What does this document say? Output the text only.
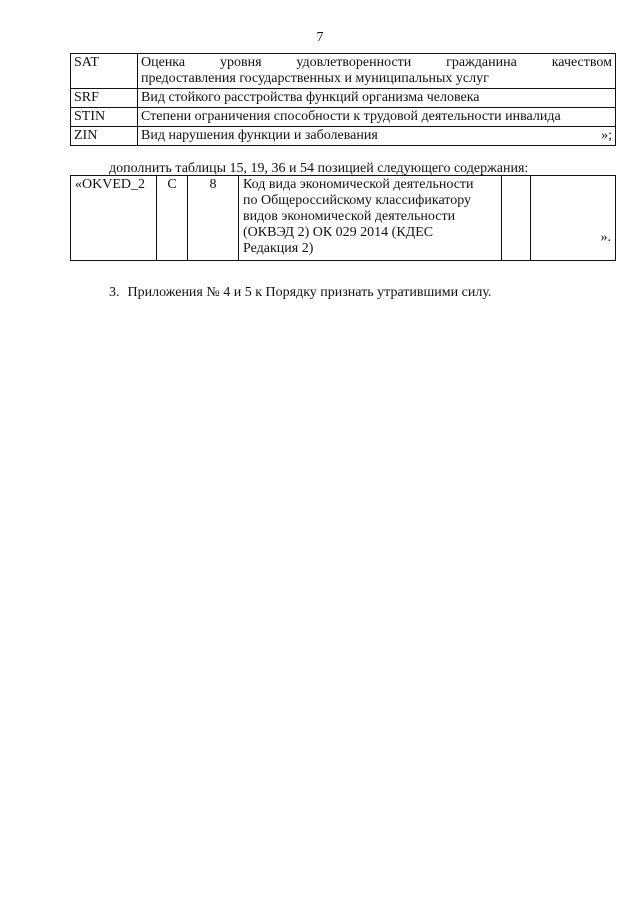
7
SAT	Оценка уровня удовлетворенности гражданина качеством
предоставления государственных и муниципальных услуг

SRF	Вид стойкого расстройства функций организма человека
STIN	Степени ограничения способности к трудовой деятельности инвалида
ZIN	Вид нарушения функции и заболевания »;
дополнить таблицы 15, 19, 36 и 54 позицией следующего содержания:
«OKVED_2	С	8	Код вида экономической деятельности
по Общероссийскому классификатору
видов экономической деятельности
(ОКВЭД 2) ОК 029 2014 (КДЕС
Редакция 2)
		».
3. Приложения № 4 и 5 к Порядку признать утратившими силу.
